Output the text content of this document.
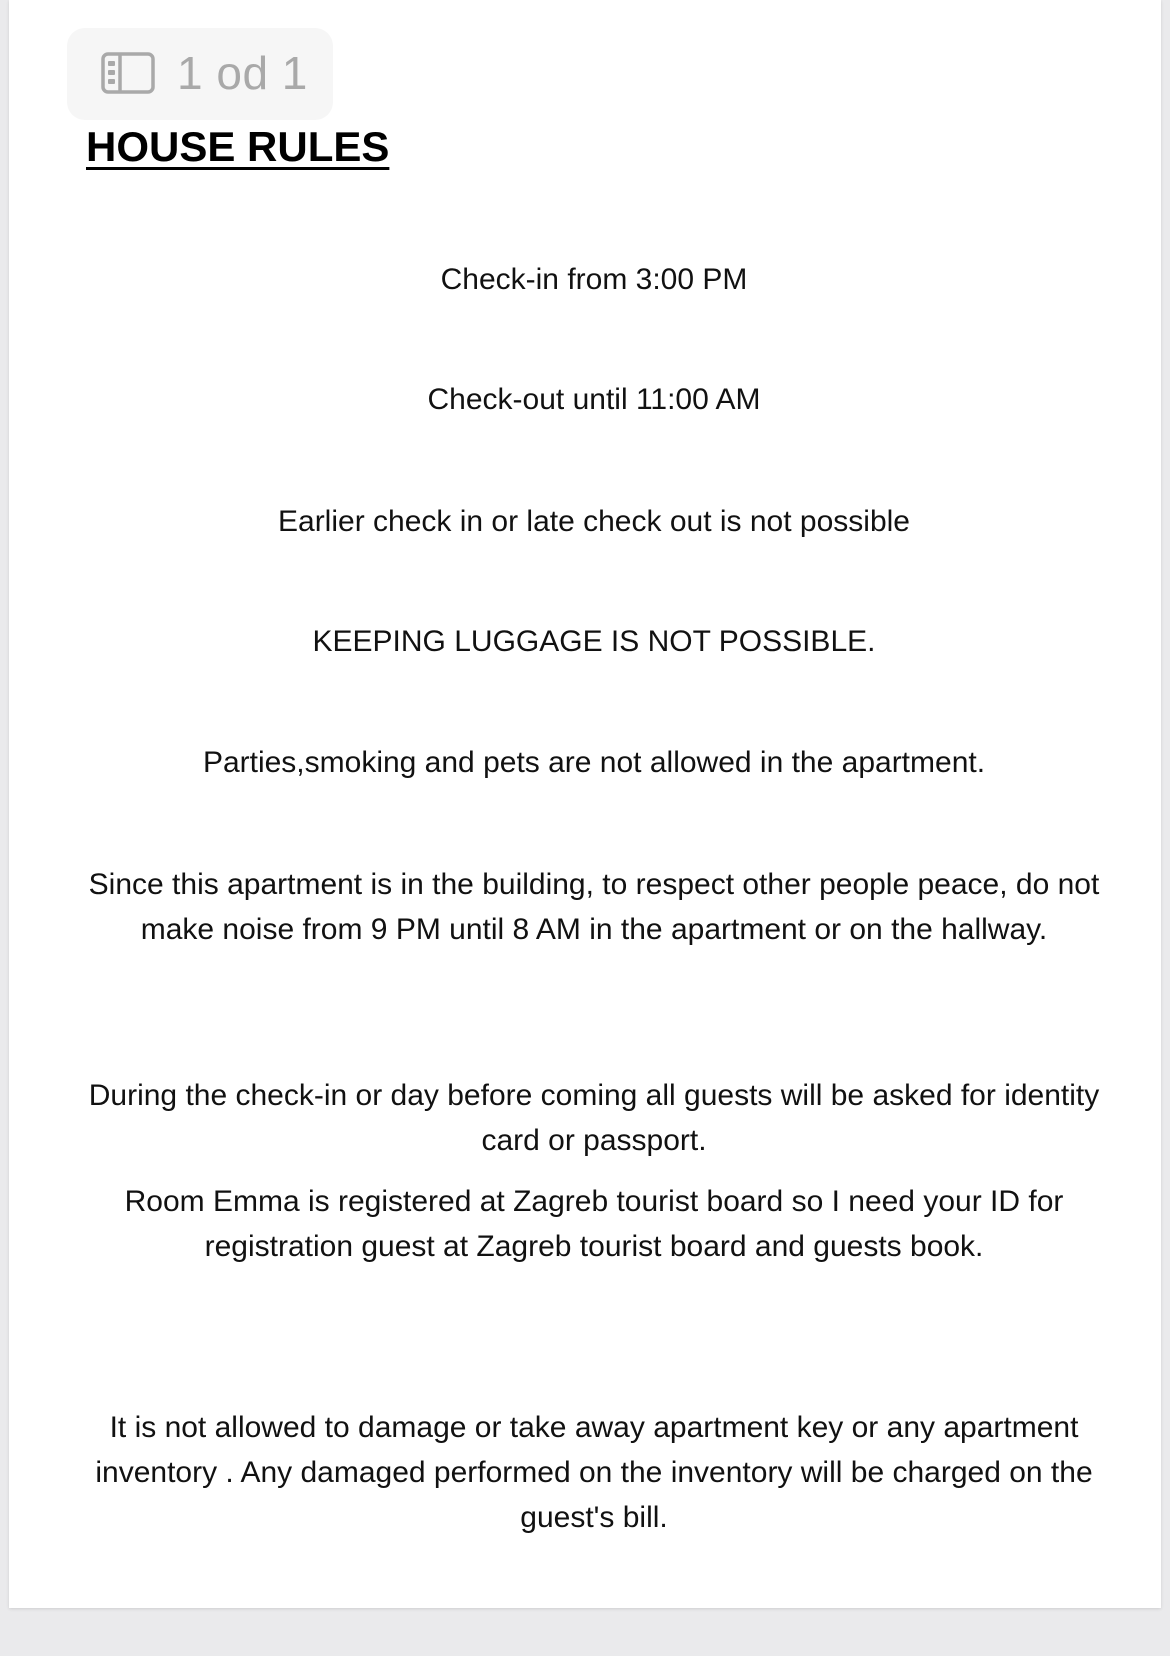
1 od 1
HOUSE RULES

Check-in from 3:00 PM

Check-out until 11:00 AM

Earlier check in or late check out is not possible

KEEPING LUGGAGE IS NOT POSSIBLE.

Parties,smoking and pets are not allowed in the apartment.

Since this apartment is in the building, to respect other people peace, do not make noise from 9 PM until 8 AM in the apartment or on the hallway.

During the check-in or day before coming all guests will be asked for identity card or passport.

Room Emma is registered at Zagreb tourist board so I need your ID for registration guest at Zagreb tourist board and guests book.

It is not allowed to damage or take away apartment key or any apartment inventory . Any damaged performed on the inventory will be charged on the guest's bill.
